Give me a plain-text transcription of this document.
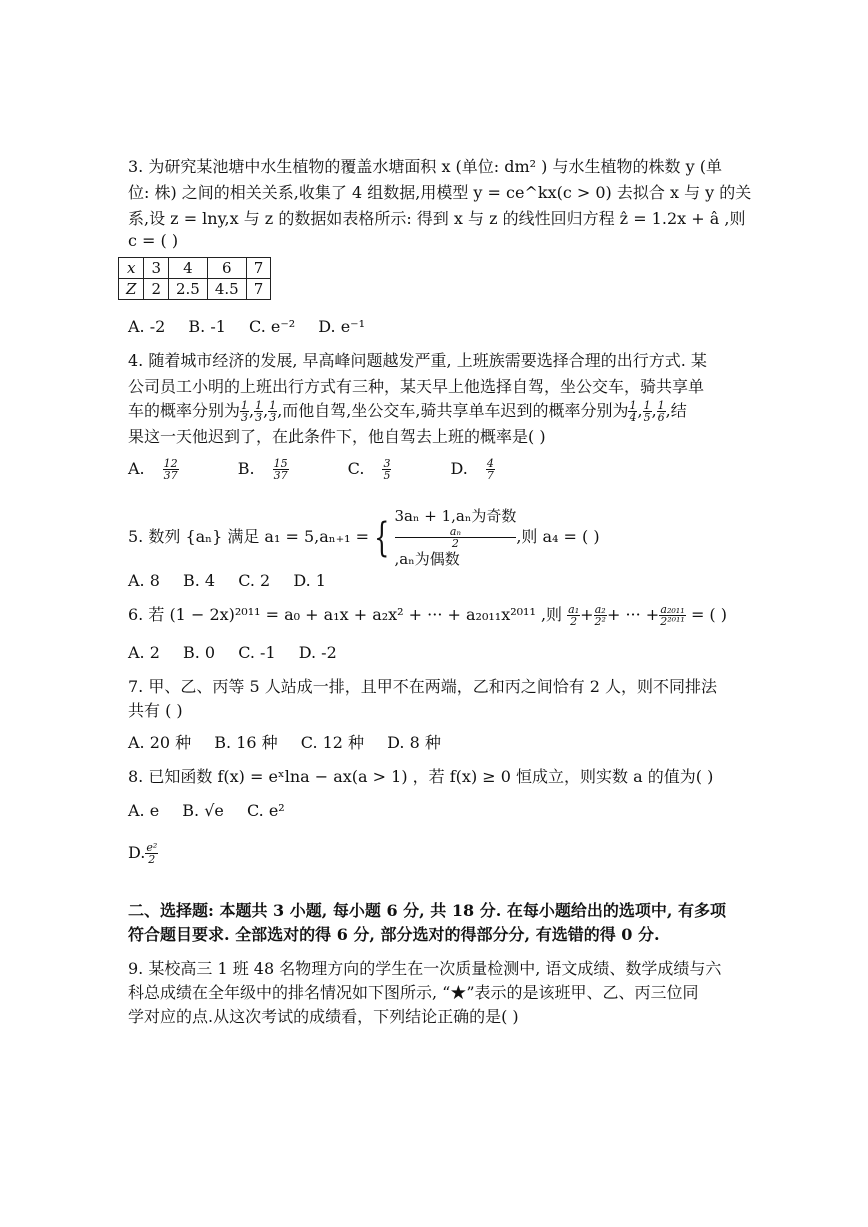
3. 为研究某池塘中水生植物的覆盖水塘面积 x (单位: dm² ) 与水生植物的株数 y (单
位: 株) 之间的相关关系,收集了 4 组数据,用模型 y = ce^kx(c > 0) 去拟合 x 与 y 的关
系,设 z = lny,x 与 z 的数据如表格所示: 得到 x 与 z 的线性回归方程 ẑ = 1.2x + â ,则
c = ( )
x	3	4	6	7
Z	2	2.5	4.5	7
A. -2 B. -1 C. e⁻² D. e⁻¹
4. 随着城市经济的发展, 早高峰问题越发严重, 上班族需要选择合理的出行方式. 某
公司员工小明的上班出行方式有三种，某天早上他选择自驾，坐公交车，骑共享单
车的概率分别为 $\frac{1}{3}$ , $\frac{1}{3}$ , $\frac{1}{3}$ ,而他自驾,坐公交车,骑共享单车迟到的概率分别为 $\frac{1}{4}$ , $\frac{1}{5}$ , $\frac{1}{6}$ ,结
果这一天他迟到了，在此条件下，他自驾去上班的概率是( )
A. $\frac{12}{37}$	B. $\frac{15}{37}$	C. $\frac{3}{5}$	D. $\frac{4}{7}$
5. 数列 {aₙ} 满足 a₁ = 5,aₙ₊₁ = { 3aₙ + 1,aₙ为奇数
aₙ
2
,aₙ为偶数
,则 a₄ = ( )
A. 8 B. 4 C. 2 D. 1
6. 若 (1 − 2x)²⁰¹¹ = a₀ + a₁x + a₂x² + ··· + a₂₀₁₁x²⁰¹¹ ,则 $\frac{\text{a₁}}{2} + \frac{\text{a₂}}{\text{2²}}$ + ··· + $\frac{\text{a₂₀₁₁}}{\text{2²⁰¹¹}}$ = ( )
A. 2 B. 0 C. -1 D. -2
7. 甲、乙、丙等 5 人站成一排，且甲不在两端，乙和丙之间恰有 2 人，则不同排法
共有 ( )
A. 20 种 B. 16 种 C. 12 种 D. 8 种
8. 已知函数 f(x) = eˣlna − ax(a > 1) ，若 f(x) ≥ 0 恒成立，则实数 a 的值为( )
A. e B. √e C. e²
D. $\frac{\text{e²}}{2}$
二、选择题: 本题共 3 小题, 每小题 6 分, 共 18 分. 在每小题给出的选项中, 有多项
符合题目要求. 全部选对的得 6 分, 部分选对的得部分分, 有选错的得 0 分.
9. 某校高三 1 班 48 名物理方向的学生在一次质量检测中, 语文成绩、数学成绩与六
科总成绩在全年级中的排名情况如下图所示, “★”表示的是该班甲、乙、丙三位同
学对应的点.从这次考试的成绩看，下列结论正确的是( )
